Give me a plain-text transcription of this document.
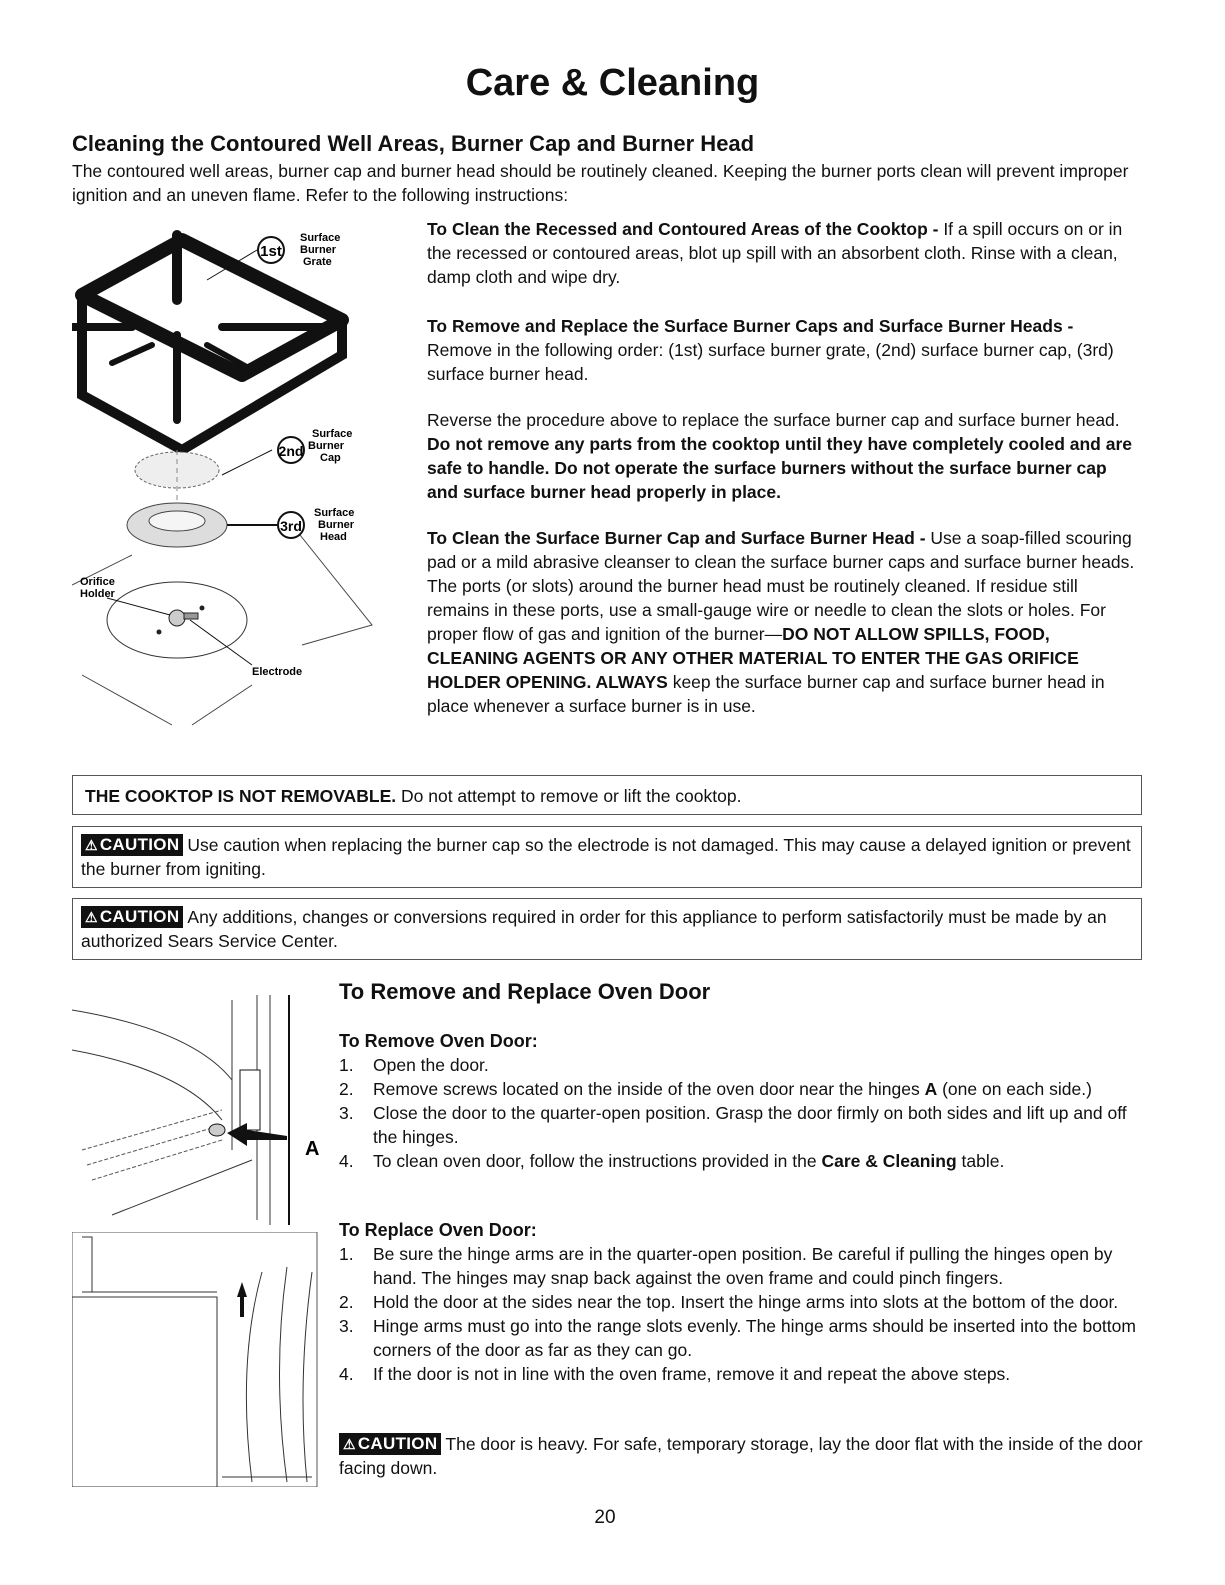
Care & Cleaning
Cleaning the Contoured Well Areas, Burner Cap and Burner Head

The contoured well areas, burner cap and burner head should be routinely cleaned. Keeping the burner ports clean will prevent improper ignition and an uneven flame. Refer to the following instructions:

1st
Surface
Burner
Grate
2nd
Surface
Burner
Cap
3rd
Surface
Burner
Head
Orifice
Holder
Electrode

To Clean the Recessed and Contoured Areas of the Cooktop - If a spill occurs on or in the recessed or contoured areas, blot up spill with an absorbent cloth. Rinse with a clean, damp cloth and wipe dry.

To Remove and Replace the Surface Burner Caps and Surface Burner Heads - Remove in the following order: (1st) surface burner grate, (2nd) surface burner cap, (3rd) surface burner head.

Reverse the procedure above to replace the surface burner cap and surface burner head. Do not remove any parts from the cooktop until they have completely cooled and are safe to handle. Do not operate the surface burners without the surface burner cap and surface burner head properly in place.

To Clean the Surface Burner Cap and Surface Burner Head - Use a soap-filled scouring pad or a mild abrasive cleanser to clean the surface burner caps and surface burner heads. The ports (or slots) around the burner head must be routinely cleaned. If residue still remains in these ports, use a small-gauge wire or needle to clean the slots or holes. For proper flow of gas and ignition of the burner—DO NOT ALLOW SPILLS, FOOD, CLEANING AGENTS OR ANY OTHER MATERIAL TO ENTER THE GAS ORIFICE HOLDER OPENING. ALWAYS keep the surface burner cap and surface burner head in place whenever a surface burner is in use.

THE COOKTOP IS NOT REMOVABLE. Do not attempt to remove or lift the cooktop.
⚠ CAUTION Use caution when replacing the burner cap so the electrode is not damaged. This may cause a delayed ignition or prevent the burner from igniting.
⚠ CAUTION Any additions, changes or conversions required in order for this appliance to perform satisfactorily must be made by an authorized Sears Service Center.
A
To Remove and Replace Oven Door
To Remove Oven Door:
1. Open the door.
2. Remove screws located on the inside of the oven door near the hinges A (one on each side.)
3. Close the door to the quarter-open position. Grasp the door firmly on both sides and lift up and off the hinges.
4. To clean oven door, follow the instructions provided in the Care & Cleaning table.
To Replace Oven Door:
1. Be sure the hinge arms are in the quarter-open position. Be careful if pulling the hinges open by hand. The hinges may snap back against the oven frame and could pinch fingers.
2. Hold the door at the sides near the top. Insert the hinge arms into slots at the bottom of the door.
3. Hinge arms must go into the range slots evenly. The hinge arms should be inserted into the bottom corners of the door as far as they can go.
4. If the door is not in line with the oven frame, remove it and repeat the above steps.

⚠ CAUTION The door is heavy. For safe, temporary storage, lay the door flat with the inside of the door facing down.

20
